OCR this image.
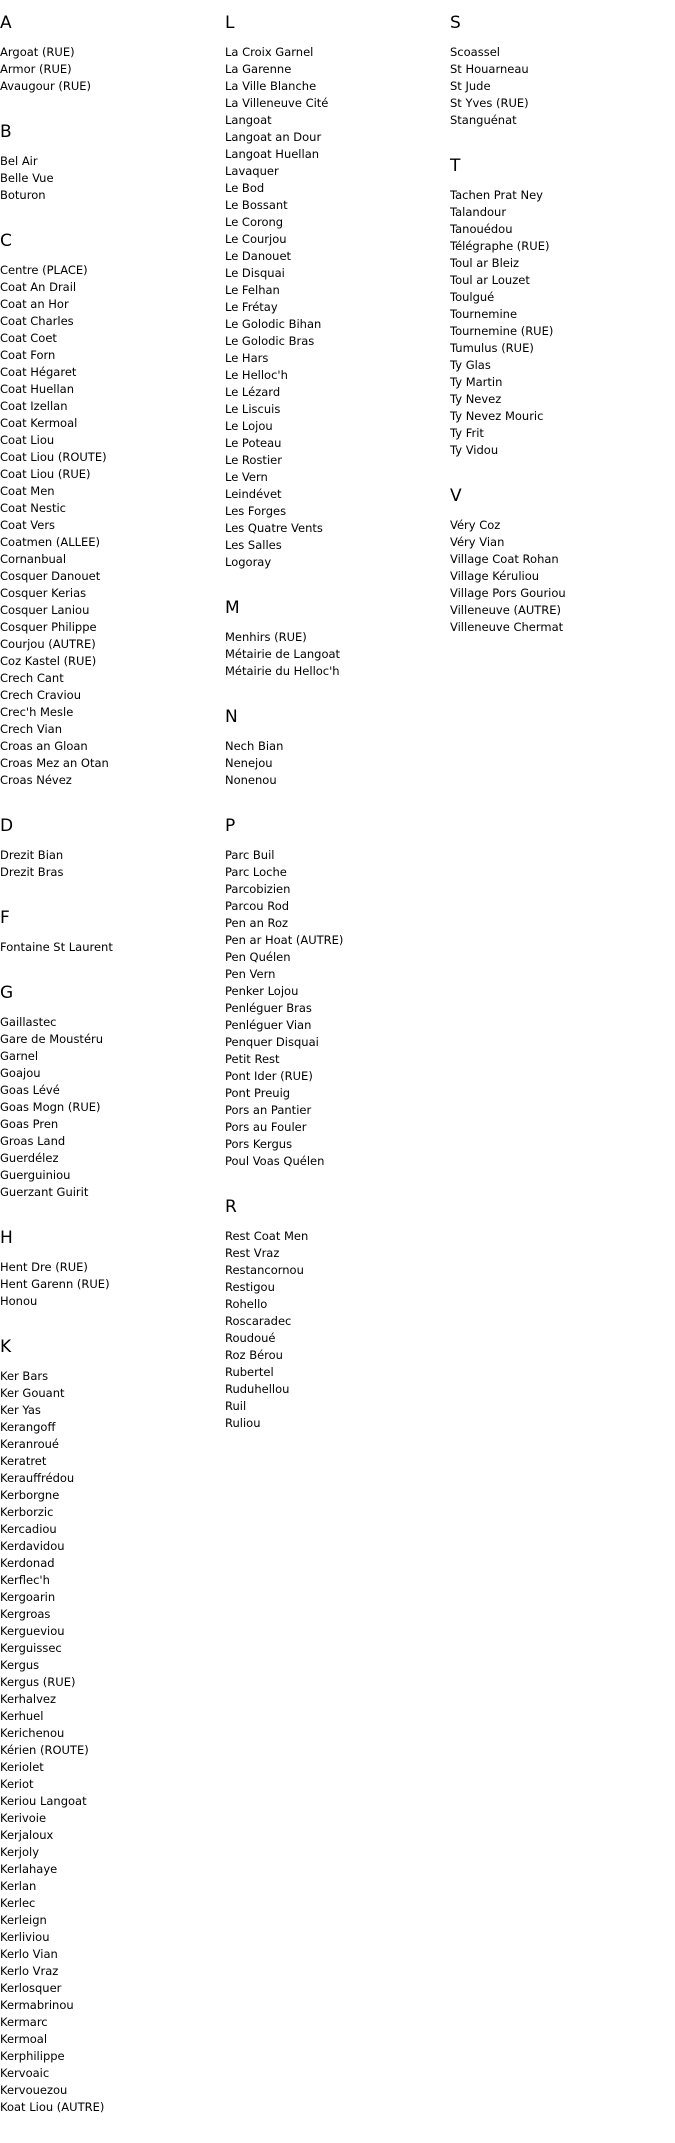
A
Argoat (RUE)
Armor (RUE)
Avaugour (RUE)
B
Bel Air
Belle Vue
Boturon
C
Centre (PLACE)
Coat An Drail
Coat an Hor
Coat Charles
Coat Coet
Coat Forn
Coat Hégaret
Coat Huellan
Coat Izellan
Coat Kermoal
Coat Liou
Coat Liou (ROUTE)
Coat Liou (RUE)
Coat Men
Coat Nestic
Coat Vers
Coatmen (ALLEE)
Cornanbual
Cosquer Danouet
Cosquer Kerias
Cosquer Laniou
Cosquer Philippe
Courjou (AUTRE)
Coz Kastel (RUE)
Crech Cant
Crech Craviou
Crec'h Mesle
Crech Vian
Croas an Gloan
Croas Mez an Otan
Croas Névez
D
Drezit Bian
Drezit Bras
F
Fontaine St Laurent
G
Gaillastec
Gare de Moustéru
Garnel
Goajou
Goas Lévé
Goas Mogn (RUE)
Goas Pren
Groas Land
Guerdélez
Guerguiniou
Guerzant Guirit
H
Hent Dre (RUE)
Hent Garenn (RUE)
Honou
K
Ker Bars
Ker Gouant
Ker Yas
Kerangoff
Keranroué
Keratret
Kerauffrédou
Kerborgne
Kerborzic
Kercadiou
Kerdavidou
Kerdonad
Kerflec'h
Kergoarin
Kergroas
Kergueviou
Kerguissec
Kergus
Kergus (RUE)
Kerhalvez
Kerhuel
Kerichenou
Kérien (ROUTE)
Keriolet
Keriot
Keriou Langoat
Kerivoie
Kerjaloux
Kerjoly
Kerlahaye
Kerlan
Kerlec
Kerleign
Kerliviou
Kerlo Vian
Kerlo Vraz
Kerlosquer
Kermabrinou
Kermarc
Kermoal
Kerphilippe
Kervoaic
Kervouezou
Koat Liou (AUTRE)
L
La Croix Garnel
La Garenne
La Ville Blanche
La Villeneuve Cité
Langoat
Langoat an Dour
Langoat Huellan
Lavaquer
Le Bod
Le Bossant
Le Corong
Le Courjou
Le Danouet
Le Disquai
Le Felhan
Le Frétay
Le Golodic Bihan
Le Golodic Bras
Le Hars
Le Helloc'h
Le Lézard
Le Liscuis
Le Lojou
Le Poteau
Le Rostier
Le Vern
Leindévet
Les Forges
Les Quatre Vents
Les Salles
Logoray
M
Menhirs (RUE)
Métairie de Langoat
Métairie du Helloc'h
N
Nech Bian
Nenejou
Nonenou
P
Parc Buil
Parc Loche
Parcobizien
Parcou Rod
Pen an Roz
Pen ar Hoat (AUTRE)
Pen Quélen
Pen Vern
Penker Lojou
Penléguer Bras
Penléguer Vian
Penquer Disquai
Petit Rest
Pont Ider (RUE)
Pont Preuig
Pors an Pantier
Pors au Fouler
Pors Kergus
Poul Voas Quélen
R
Rest Coat Men
Rest Vraz
Restancornou
Restigou
Rohello
Roscaradec
Roudoué
Roz Bérou
Rubertel
Ruduhellou
Ruil
Ruliou
S
Scoassel
St Houarneau
St Jude
St Yves (RUE)
Stanguénat
T
Tachen Prat Ney
Talandour
Tanouédou
Télégraphe (RUE)
Toul ar Bleiz
Toul ar Louzet
Toulgué
Tournemine
Tournemine (RUE)
Tumulus (RUE)
Ty Glas
Ty Martin
Ty Nevez
Ty Nevez Mouric
Ty Frit
Ty Vidou
V
Véry Coz
Véry Vian
Village Coat Rohan
Village Kéruliou
Village Pors Gouriou
Villeneuve (AUTRE)
Villeneuve Chermat
